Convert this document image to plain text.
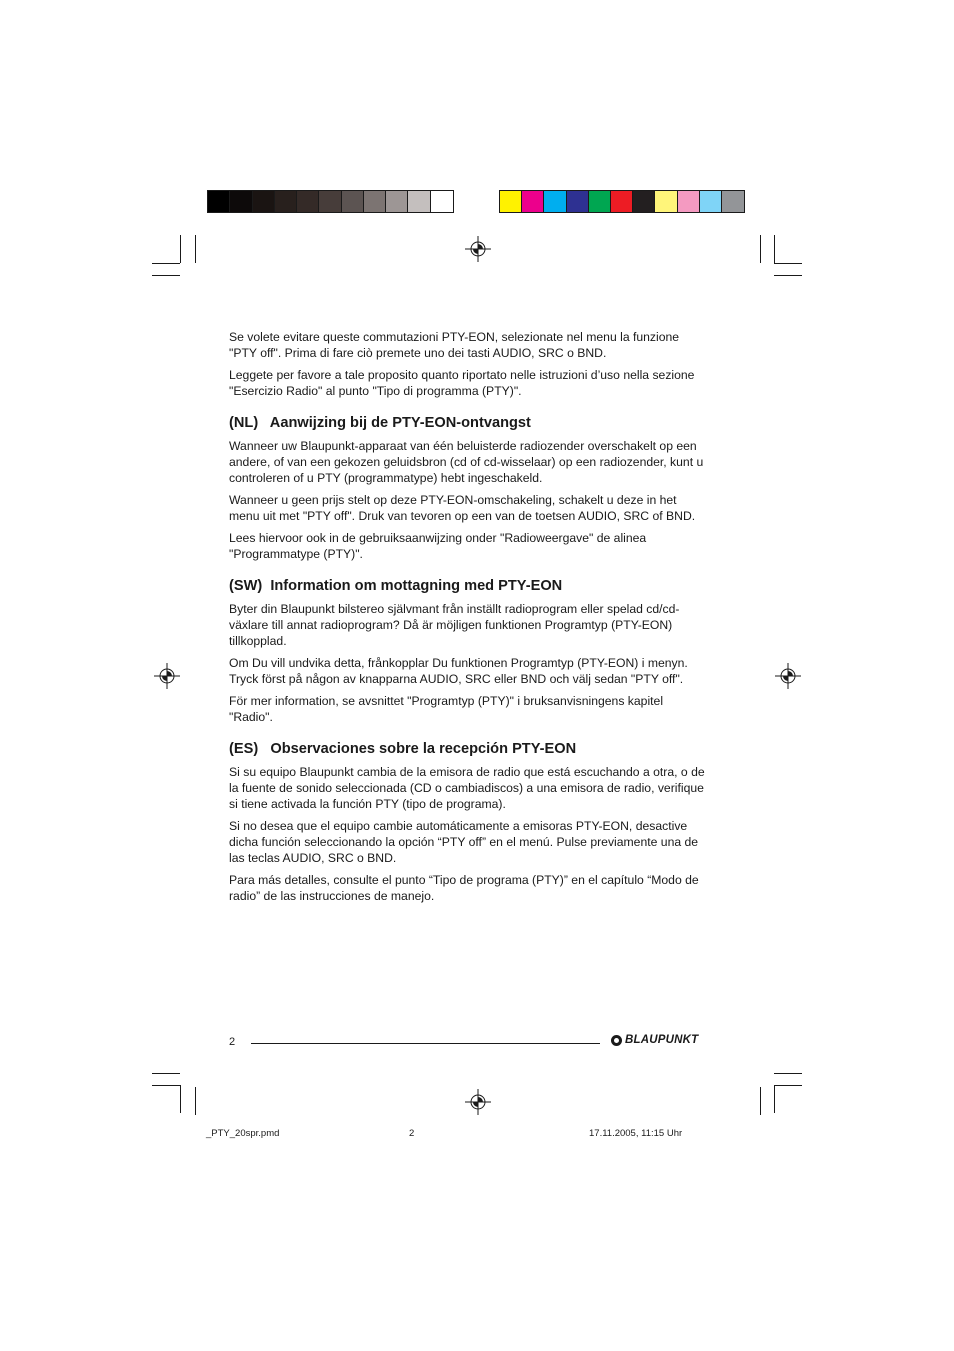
Se volete evitare queste commutazioni PTY-EON, selezionate nel menu la funzione "PTY off". Prima di fare ciò premete uno dei tasti AUDIO, SRC o BND.

Leggete per favore a tale proposito quanto riportato nelle istruzioni d’uso nella sezione "Esercizio Radio" al punto "Tipo di programma (PTY)".

(NL)   Aanwijzing bij de PTY-EON-ontvangst

Wanneer uw Blaupunkt-apparaat van één beluisterde radiozender overschakelt op een andere, of van een gekozen geluidsbron (cd of cd-wisselaar) op een radiozender, kunt u controleren of u PTY (programmatype) hebt ingeschakeld.

Wanneer u geen prijs stelt op deze PTY-EON-omschakeling, schakelt u deze in het menu uit met "PTY off". Druk van tevoren op een van de toetsen AUDIO, SRC of BND.

Lees hiervoor ook in de gebruiksaanwijzing onder "Radioweergave" de alinea "Programmatype (PTY)".

(SW)  Information om mottagning med PTY-EON

Byter din Blaupunkt bilstereo självmant från inställt radioprogram eller spelad cd/cd-växlare till annat radioprogram? Då är möjligen funktionen Programtyp (PTY-EON) tillkopplad.

Om Du vill undvika detta, frånkopplar Du funktionen Programtyp (PTY-EON) i menyn. Tryck först på någon av knapparna AUDIO, SRC eller BND och välj sedan "PTY off".

För mer information, se avsnittet "Programtyp (PTY)" i bruksanvisningens kapitel "Radio".

(ES)   Observaciones sobre la recepción PTY-EON

Si su equipo Blaupunkt cambia de la emisora de radio que está escuchando a otra, o de la fuente de sonido seleccionada (CD o cambiadiscos) a una emisora de radio, verifique si tiene activada la función PTY (tipo de programa).

Si no desea que el equipo cambie automáticamente a emisoras PTY-EON, desactive dicha función seleccionando la opción “PTY off” en el menú. Pulse previamente una de las teclas AUDIO, SRC o BND.

Para más detalles, consulte el punto “Tipo de programa (PTY)” en el capítulo “Modo de radio” de las instrucciones de manejo.

2	BLAUPUNKT
_PTY_20spr.pmd	2	17.11.2005, 11:15 Uhr
